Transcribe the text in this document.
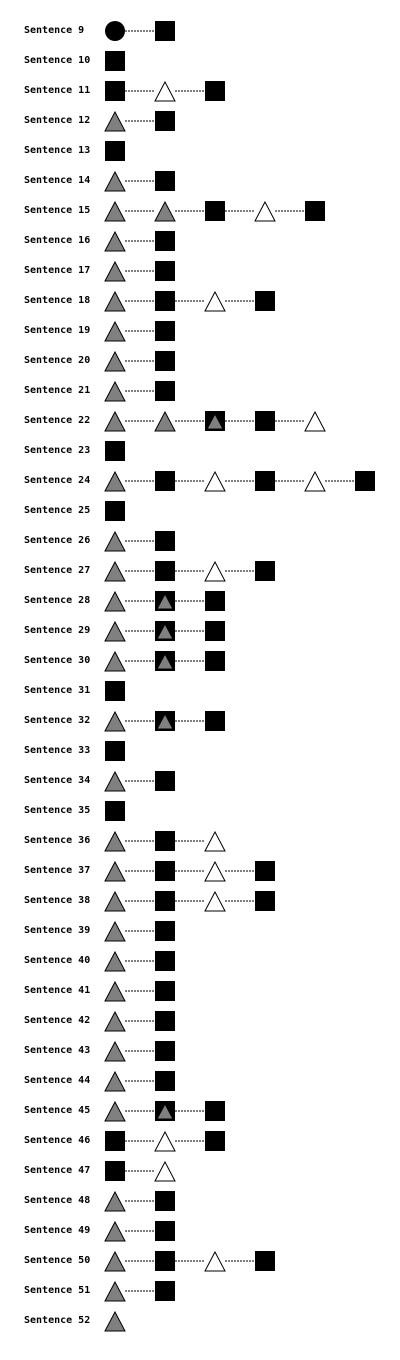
Sentence 9
Sentence 10
Sentence 11
Sentence 12
Sentence 13
Sentence 14
Sentence 15
Sentence 16
Sentence 17
Sentence 18
Sentence 19
Sentence 20
Sentence 21
Sentence 22
Sentence 23
Sentence 24
Sentence 25
Sentence 26
Sentence 27
Sentence 28
Sentence 29
Sentence 30
Sentence 31
Sentence 32
Sentence 33
Sentence 34
Sentence 35
Sentence 36
Sentence 37
Sentence 38
Sentence 39
Sentence 40
Sentence 41
Sentence 42
Sentence 43
Sentence 44
Sentence 45
Sentence 46
Sentence 47
Sentence 48
Sentence 49
Sentence 50
Sentence 51
Sentence 52
